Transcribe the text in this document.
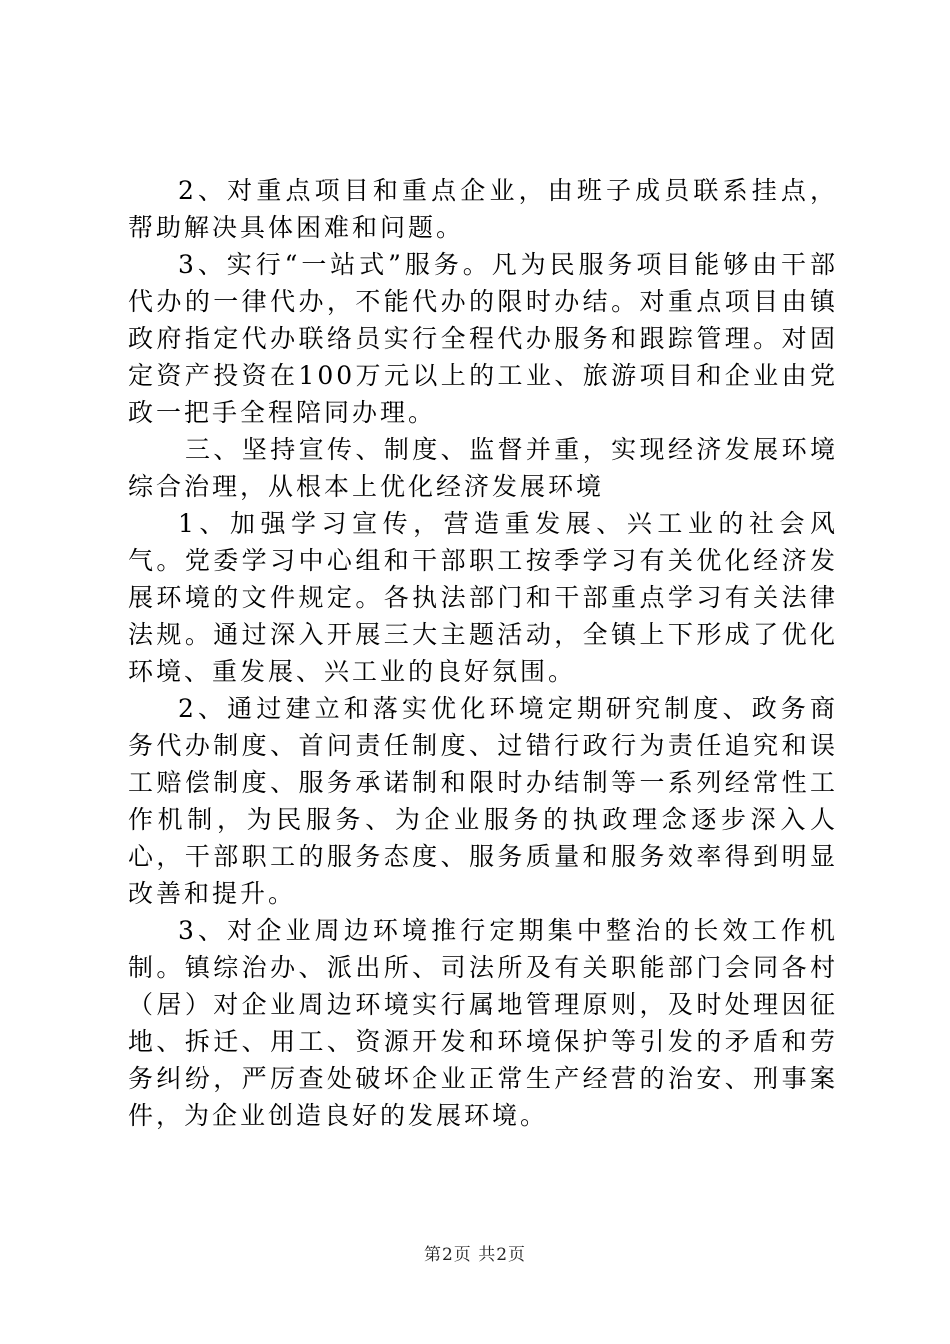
2、对重点项目和重点企业，由班子成员联系挂点，帮助解决具体困难和问题。

3、实行“一站式”服务。凡为民服务项目能够由干部代办的一律代办，不能代办的限时办结。对重点项目由镇政府指定代办联络员实行全程代办服务和跟踪管理。对固定资产投资在100万元以上的工业、旅游项目和企业由党政一把手全程陪同办理。

三、坚持宣传、制度、监督并重，实现经济发展环境综合治理，从根本上优化经济发展环境

1、加强学习宣传，营造重发展、兴工业的社会风气。党委学习中心组和干部职工按季学习有关优化经济发展环境的文件规定。各执法部门和干部重点学习有关法律法规。通过深入开展三大主题活动，全镇上下形成了优化环境、重发展、兴工业的良好氛围。

2、通过建立和落实优化环境定期研究制度、政务商务代办制度、首问责任制度、过错行政行为责任追究和误工赔偿制度、服务承诺制和限时办结制等一系列经常性工作机制，为民服务、为企业服务的执政理念逐步深入人心，干部职工的服务态度、服务质量和服务效率得到明显改善和提升。

3、对企业周边环境推行定期集中整治的长效工作机制。镇综治办、派出所、司法所及有关职能部门会同各村（居）对企业周边环境实行属地管理原则，及时处理因征地、拆迁、用工、资源开发和环境保护等引发的矛盾和劳务纠纷，严厉查处破坏企业正常生产经营的治安、刑事案件，为企业创造良好的发展环境。

第2页 共2页
